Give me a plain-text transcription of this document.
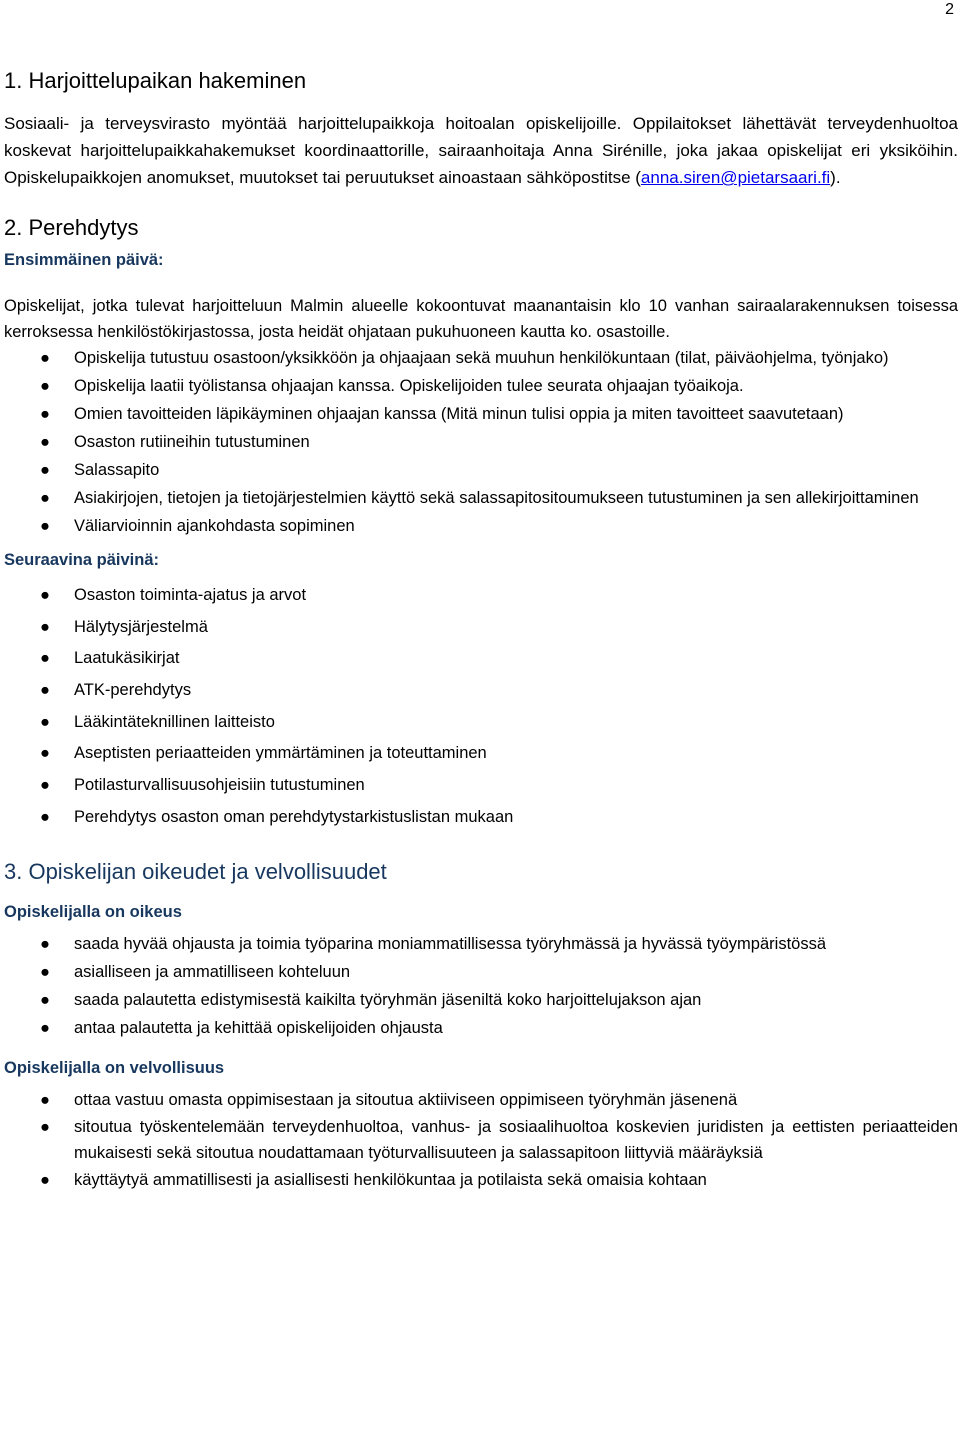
2
1. Harjoittelupaikan hakeminen

Sosiaali- ja terveysvirasto myöntää harjoittelupaikkoja hoitoalan opiskelijoille. Oppilaitokset lähettävät terveydenhuoltoa koskevat harjoittelupaikkahakemukset koordinaattorille, sairaanhoitaja Anna Sirénille, joka jakaa opiskelijat eri yksiköihin. Opiskelupaikkojen anomukset, muutokset tai peruutukset ainoastaan sähköpostitse (anna.siren@pietarsaari.fi).

2. Perehdytys

Ensimmäinen päivä:

Opiskelijat, jotka tulevat harjoitteluun Malmin alueelle kokoontuvat maanantaisin klo 10 vanhan sairaalarakennuksen toisessa kerroksessa henkilöstökirjastossa, josta heidät ohjataan pukuhuoneen kautta ko. osastoille.

● Opiskelija tutustuu osastoon/yksikköön ja ohjaajaan sekä muuhun henkilökuntaan (tilat, päiväohjelma, työnjako)
● Opiskelija laatii työlistansa ohjaajan kanssa. Opiskelijoiden tulee seurata ohjaajan työaikoja.
● Omien tavoitteiden läpikäyminen ohjaajan kanssa (Mitä minun tulisi oppia ja miten tavoitteet saavutetaan)
● Osaston rutiineihin tutustuminen
● Salassapito
● Asiakirjojen, tietojen ja tietojärjestelmien käyttö sekä salassapitositoumukseen tutustuminen ja sen allekirjoittaminen
● Väliarvioinnin ajankohdasta sopiminen

Seuraavina päivinä:

● Osaston toiminta-ajatus ja arvot
● Hälytysjärjestelmä
● Laatukäsikirjat
● ATK-perehdytys
● Lääkintäteknillinen laitteisto
● Aseptisten periaatteiden ymmärtäminen ja toteuttaminen
● Potilasturvallisuusohjeisiin tutustuminen
● Perehdytys osaston oman perehdytystarkistuslistan mukaan
3. Opiskelijan oikeudet ja velvollisuudet

Opiskelijalla on oikeus

● saada hyvää ohjausta ja toimia työparina moniammatillisessa työryhmässä ja hyvässä työympäristössä
● asialliseen ja ammatilliseen kohteluun
● saada palautetta edistymisestä kaikilta työryhmän jäseniltä koko harjoittelujakson ajan
● antaa palautetta ja kehittää opiskelijoiden ohjausta

Opiskelijalla on velvollisuus

● ottaa vastuu omasta oppimisestaan ja sitoutua aktiiviseen oppimiseen työryhmän jäsenenä
● sitoutua työskentelemään terveydenhuoltoa, vanhus- ja sosiaalihuoltoa koskevien juridisten ja eettisten periaatteiden mukaisesti sekä sitoutua noudattamaan työturvallisuuteen ja salassapitoon liittyviä määräyksiä
● käyttäytyä ammatillisesti ja asiallisesti henkilökuntaa ja potilaista sekä omaisia kohtaan
